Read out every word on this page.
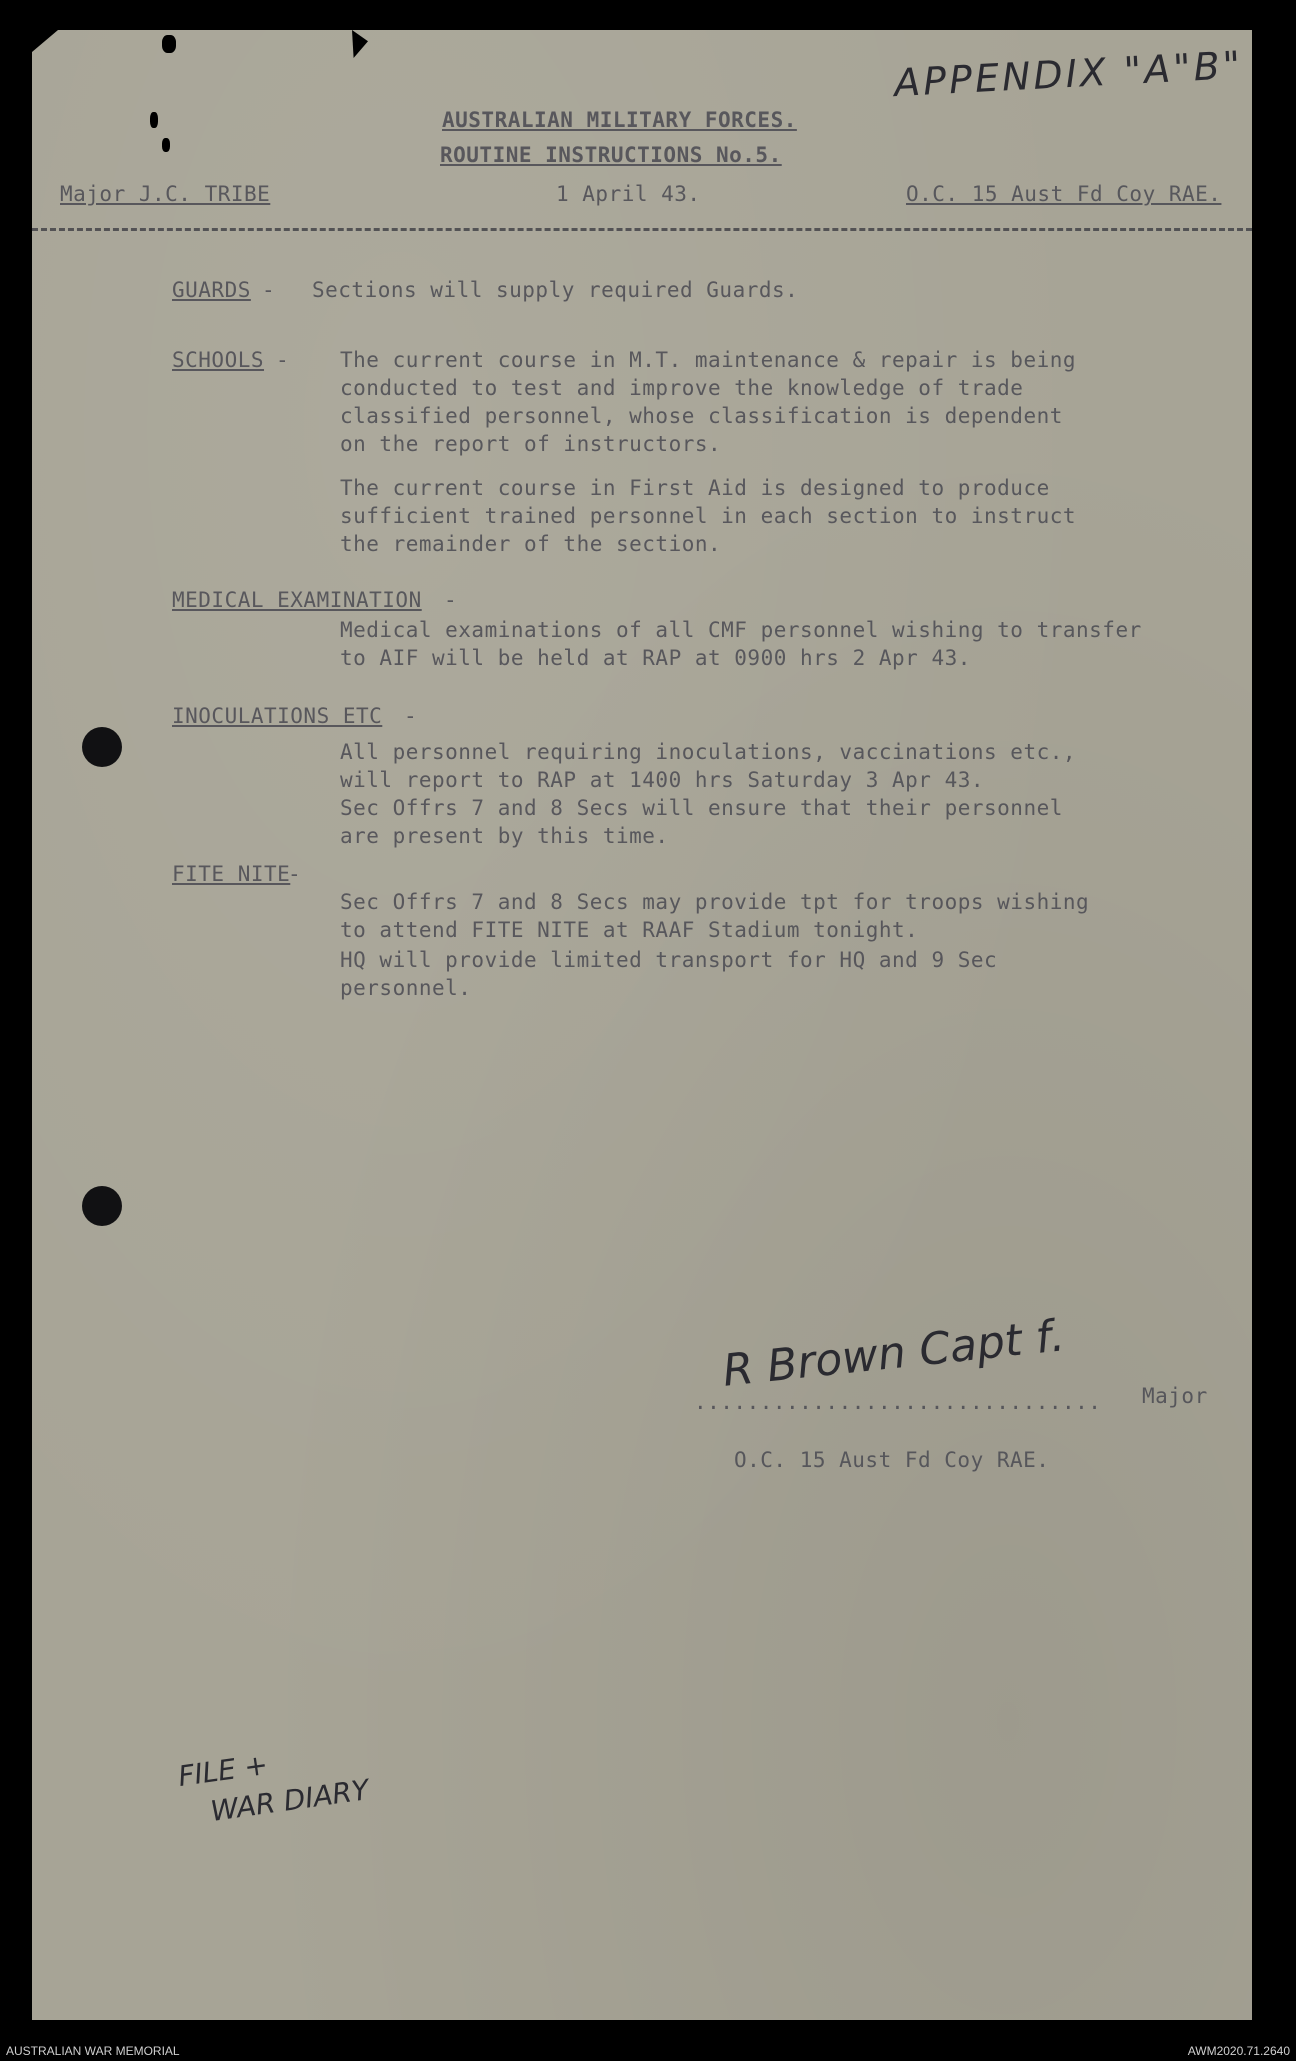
APPENDIX "A"B"
AUSTRALIAN MILITARY FORCES.
ROUTINE INSTRUCTIONS No.5.
Major J.C. TRIBE	1 April 43.	O.C. 15 Aust Fd Coy RAE.
GUARDS - Sections will supply required Guards.
SCHOOLS - The current course in M.T. maintenance & repair is being
conducted to test and improve the knowledge of trade
classified personnel, whose classification is dependent
on the report of instructors.
The current course in First Aid is designed to produce
sufficient trained personnel in each section to instruct
the remainder of the section.
MEDICAL EXAMINATION -
Medical examinations of all CMF personnel wishing to transfer
to AIF will be held at RAP at 0900 hrs 2 Apr 43.
INOCULATIONS ETC -
All personnel requiring inoculations, vaccinations etc.,
will report to RAP at 1400 hrs Saturday 3 Apr 43.
Sec Offrs 7 and 8 Secs will ensure that their personnel
are present by this time.
FITE NITE
-
Sec Offrs 7 and 8 Secs may provide tpt for troops wishing
to attend FITE NITE at RAAF Stadium tonight.
HQ will provide limited transport for HQ and 9 Sec
personnel.
............................... Major
R Brown Capt f.
O.C. 15 Aust Fd Coy RAE.
FILE +
WAR DIARY
AUSTRALIAN WAR MEMORIAL	AWM2020.71.2640
